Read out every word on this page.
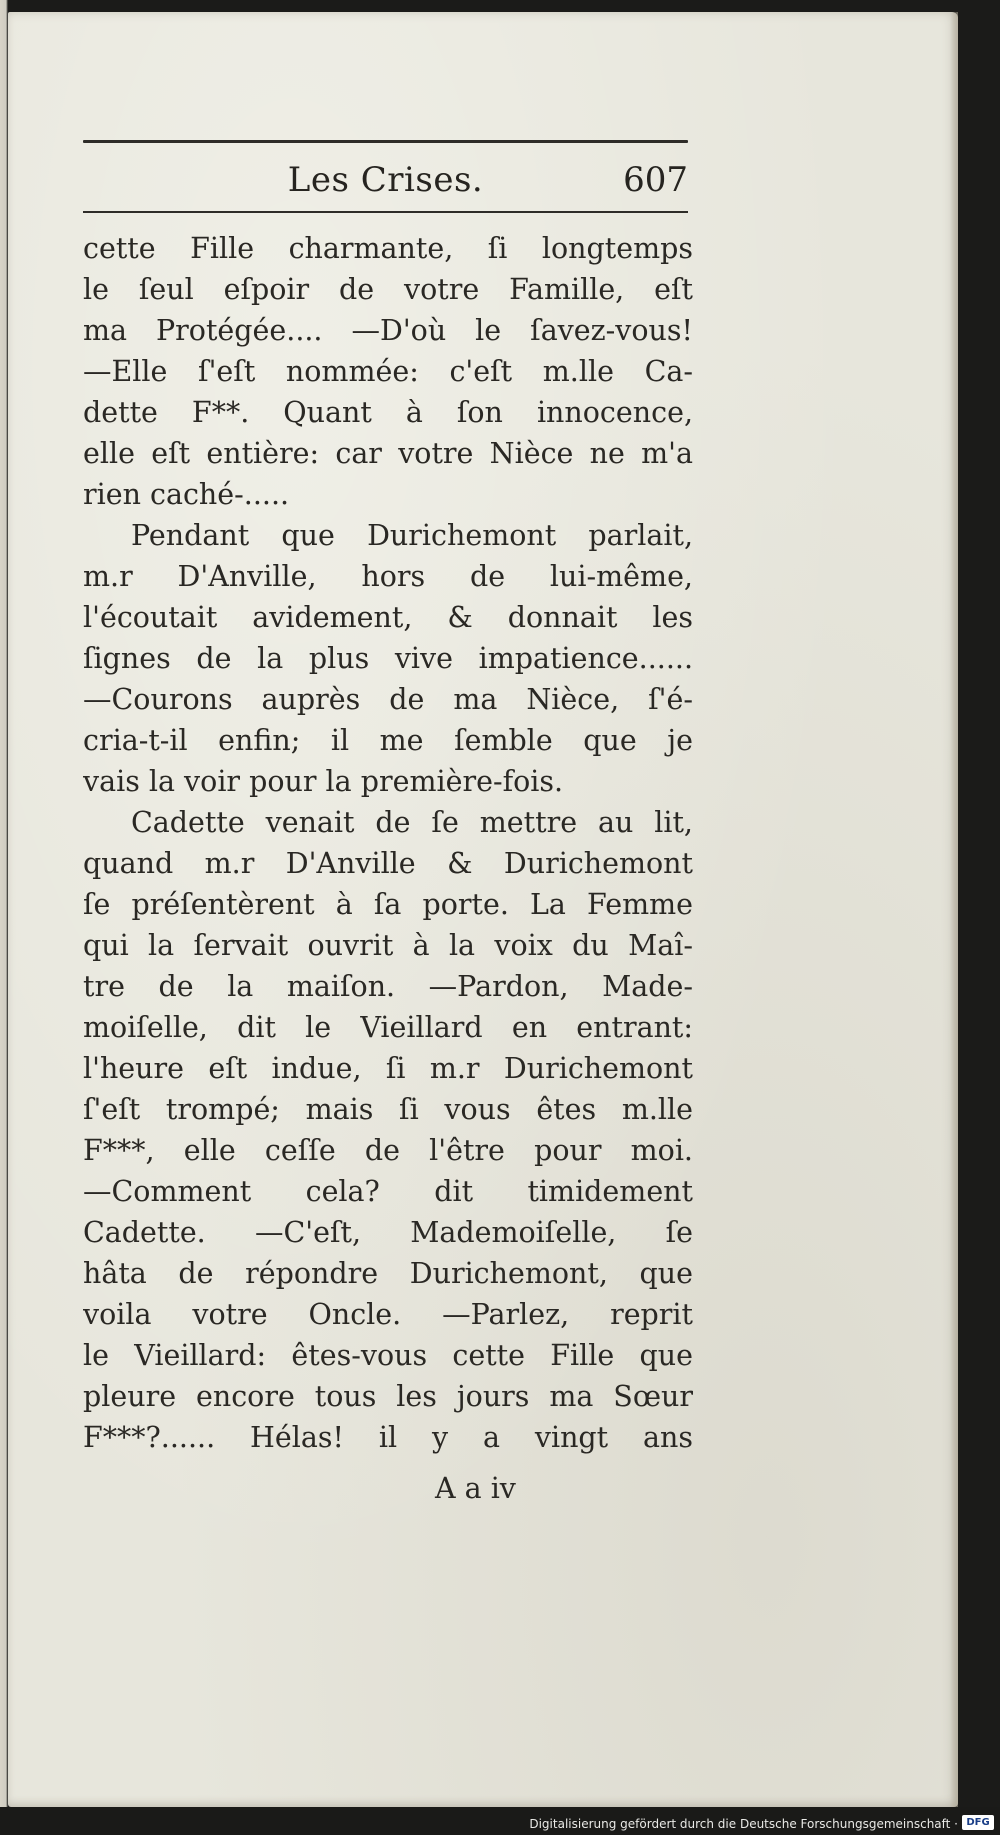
Les Crises.	607
cette Fille charmante, ſi longtemps
le ſeul eſpoir de votre Famille, eſt
ma Protégée.... —D'où le ſavez-vous!
—Elle ſ'eſt nommée: c'eſt m.lle Ca-
dette F**. Quant à ſon innocence,
elle eſt entière: car votre Nièce ne m'a
rien caché-.....
Pendant que Durichemont parlait,
m.r D'Anville, hors de lui-même,
l'écoutait avidement, & donnait les
ſignes de la plus vive impatience......
—Courons auprès de ma Nièce, ſ'é-
cria-t-il enfin; il me ſemble que je
vais la voir pour la première-fois.
Cadette venait de ſe mettre au lit,
quand m.r D'Anville & Durichemont
ſe préſentèrent à ſa porte. La Femme
qui la ſervait ouvrit à la voix du Maî-
tre de la maiſon. —Pardon, Made-
moiſelle, dit le Vieillard en entrant:
l'heure eſt indue, ſi m.r Durichemont
ſ'eſt trompé; mais ſi vous êtes m.lle
F***, elle ceſſe de l'être pour moi.
—Comment cela? dit timidement
Cadette. —C'eſt, Mademoiſelle, ſe
hâta de répondre Durichemont, que
voila votre Oncle. —Parlez, reprit
le Vieillard: êtes-vous cette Fille que
pleure encore tous les jours ma Sœur
F***?...... Hélas! il y a vingt ans
A a iv
Digitalisierung gefördert durch die Deutsche Forschungsgemeinschaft · DFG
